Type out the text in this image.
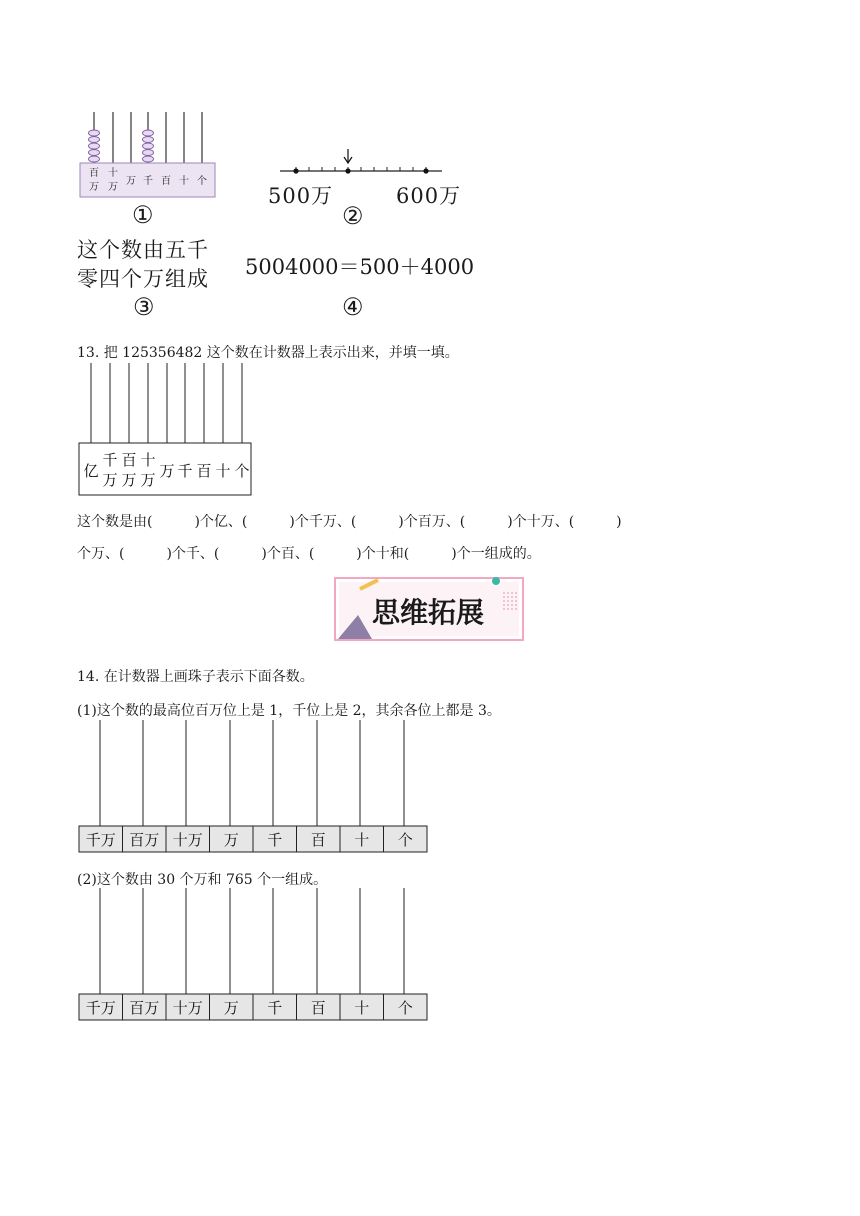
百
万
十
万
万 千 百 十 个
①
500万	600万
②
这个数由五千
零四个万组成
③
5004000＝500＋4000
④
13. 把 125356482 这个数在计数器上表示出来，并填一填。
亿
千
万
百
万
十
万 万 千 百 十 个
这个数是由(　　　)个亿、(　　　)个千万、(　　　)个百万、(　　　)个十万、(　　　)
个万、(　　　)个千、(　　　)个百、(　　　)个十和(　　　)个一组成的。
思维拓展
14. 在计数器上画珠子表示下面各数。
(1)这个数的最高位百万位上是 1，千位上是 2，其余各位上都是 3。
千万 百万 十万 万 千 百 十 个
(2)这个数由 30 个万和 765 个一组成。
千万 百万 十万 万 千 百 十 个
